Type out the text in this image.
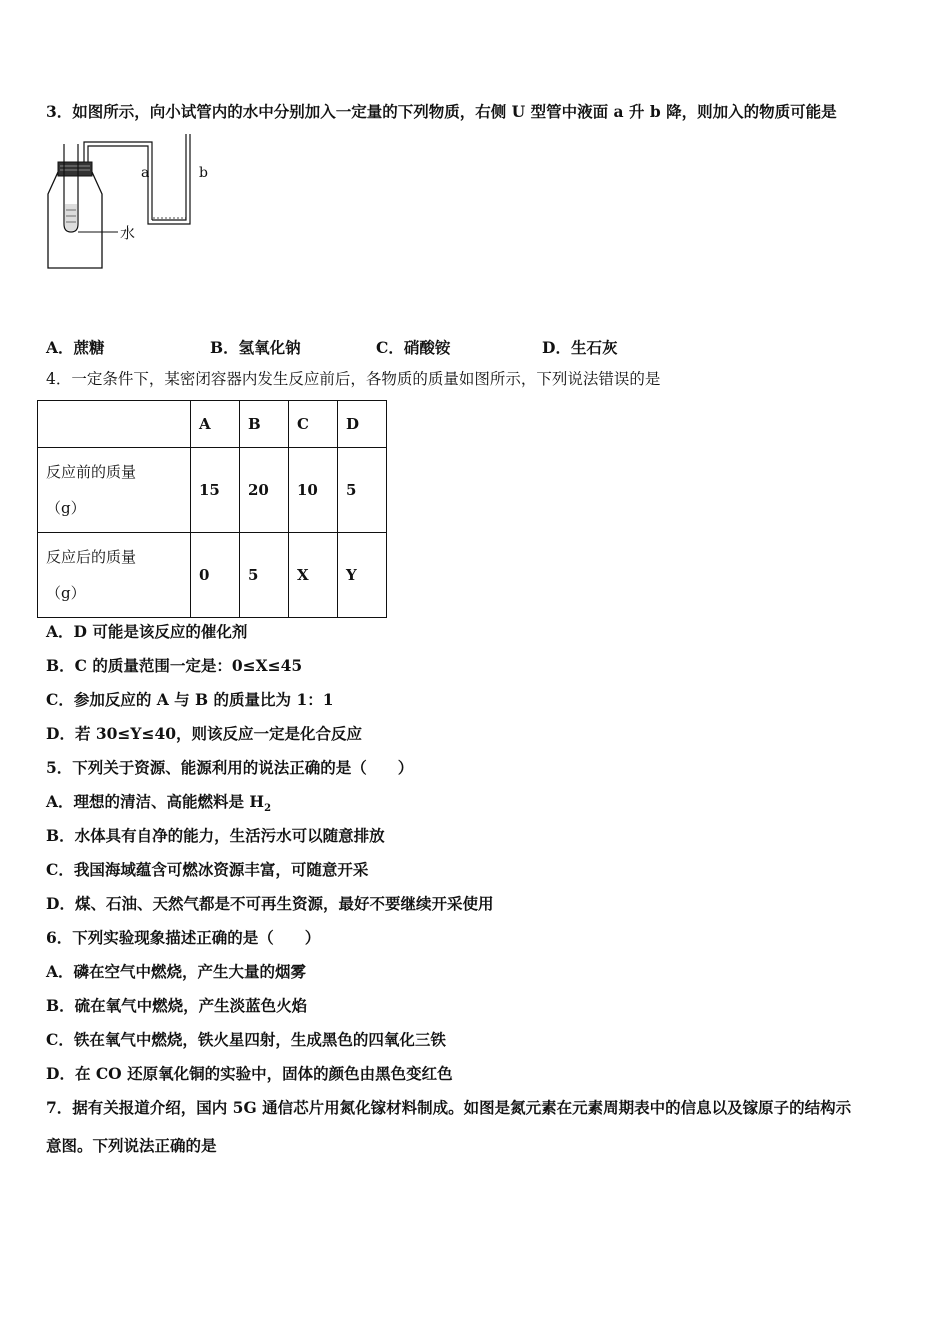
3．如图所示，向小试管内的水中分别加入一定量的下列物质，右侧 U 型管中液面 a 升 b 降，则加入的物质可能是
a	b
水
A．蔗糖	B．氢氧化钠	C．硝酸铵	D．生石灰
4．一定条件下，某密闭容器内发生反应前后，各物质的质量如图所示，下列说法错误的是
	A	B	C	D

反应前的质量
（g）	15	20	10	5

反应后的质量
（g）	0	5	X	Y
A．D 可能是该反应的催化剂
B．C 的质量范围一定是：0≤X≤45
C．参加反应的 A 与 B 的质量比为 1：1
D．若 30≤Y≤40，则该反应一定是化合反应
5．下列关于资源、能源利用的说法正确的是（　　）
A．理想的清洁、高能燃料是 $H_2$
B．水体具有自净的能力，生活污水可以随意排放
C．我国海域蕴含可燃冰资源丰富，可随意开采
D．煤、石油、天然气都是不可再生资源，最好不要继续开采使用
6．下列实验现象描述正确的是（　　）
A．磷在空气中燃烧，产生大量的烟雾
B．硫在氧气中燃烧，产生淡蓝色火焰
C．铁在氧气中燃烧，铁火星四射，生成黑色的四氧化三铁
D．在 CO 还原氧化铜的实验中，固体的颜色由黑色变红色
7．据有关报道介绍，国内 5G 通信芯片用氮化镓材料制成。如图是氮元素在元素周期表中的信息以及镓原子的结构示
意图。下列说法正确的是
